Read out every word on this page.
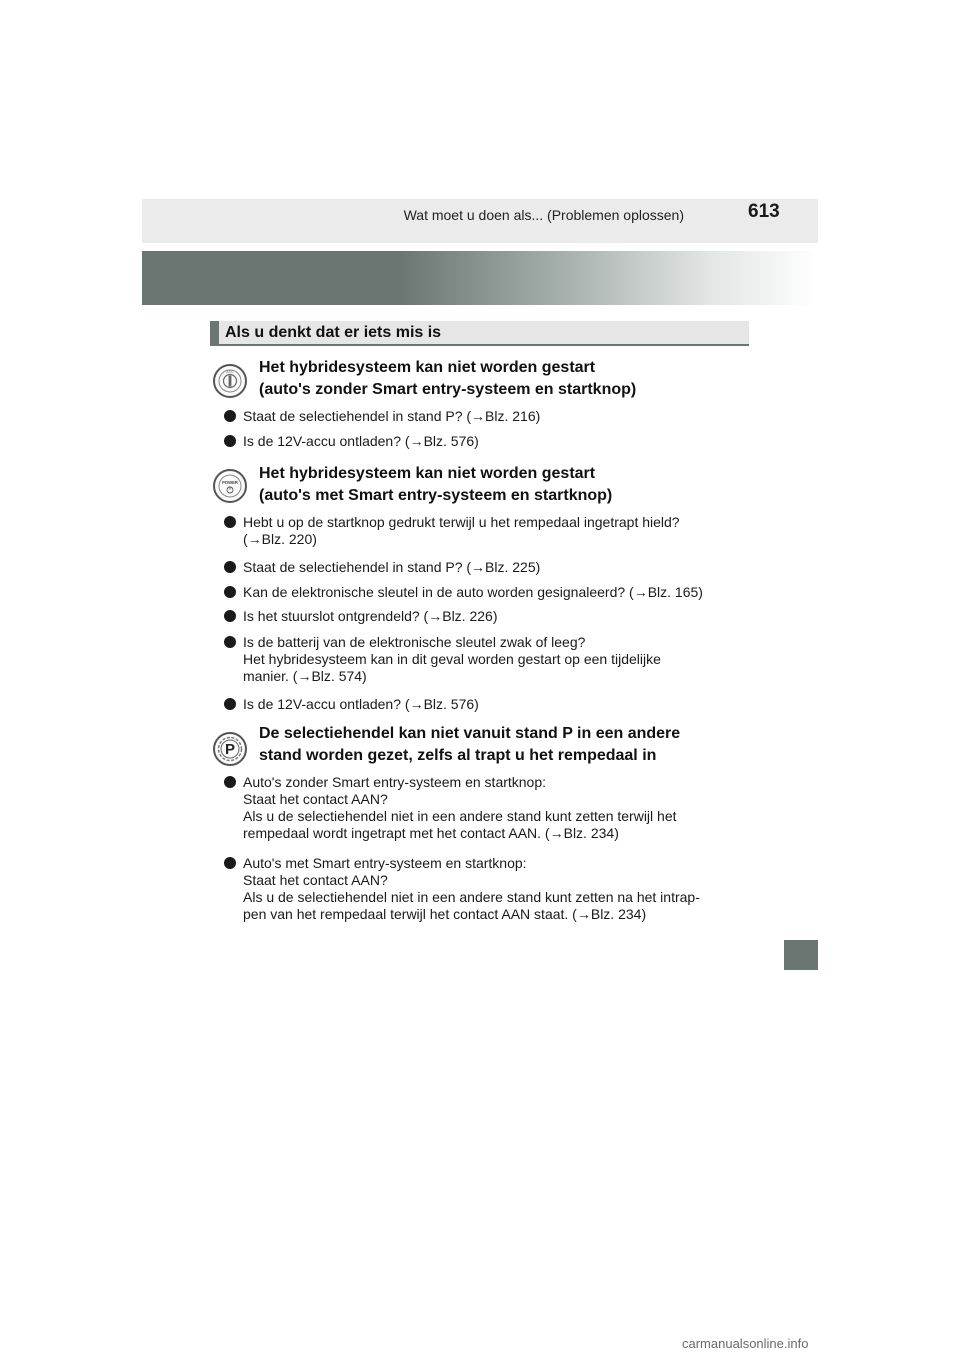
Wat moet u doen als... (Problemen oplossen)	613
Als u denkt dat er iets mis is
ACC Het hybridesysteem kan niet worden gestart
(auto's zonder Smart entry-systeem en startknop)
Staat de selectiehendel in stand P? (→Blz. 216)
Is de 12V-accu ontladen? (→Blz. 576)
POWER
Het hybridesysteem kan niet worden gestart
(auto's met Smart entry-systeem en startknop)
Hebt u op de startknop gedrukt terwijl u het rempedaal ingetrapt hield?
(→Blz. 220)
Staat de selectiehendel in stand P? (→Blz. 225)
Kan de elektronische sleutel in de auto worden gesignaleerd? (→Blz. 165)
Is het stuurslot ontgrendeld? (→Blz. 226)
Is de batterij van de elektronische sleutel zwak of leeg?
Het hybridesysteem kan in dit geval worden gestart op een tijdelijke
manier. (→Blz. 574)
Is de 12V-accu ontladen? (→Blz. 576)
P
De selectiehendel kan niet vanuit stand P in een andere
stand worden gezet, zelfs al trapt u het rempedaal in
Auto's zonder Smart entry-systeem en startknop:
Staat het contact AAN?
Als u de selectiehendel niet in een andere stand kunt zetten terwijl het
rempedaal wordt ingetrapt met het contact AAN. (→Blz. 234)
Auto's met Smart entry-systeem en startknop:
Staat het contact AAN?
Als u de selectiehendel niet in een andere stand kunt zetten na het intrap-
pen van het rempedaal terwijl het contact AAN staat. (→Blz. 234)
carmanualsonline.info
